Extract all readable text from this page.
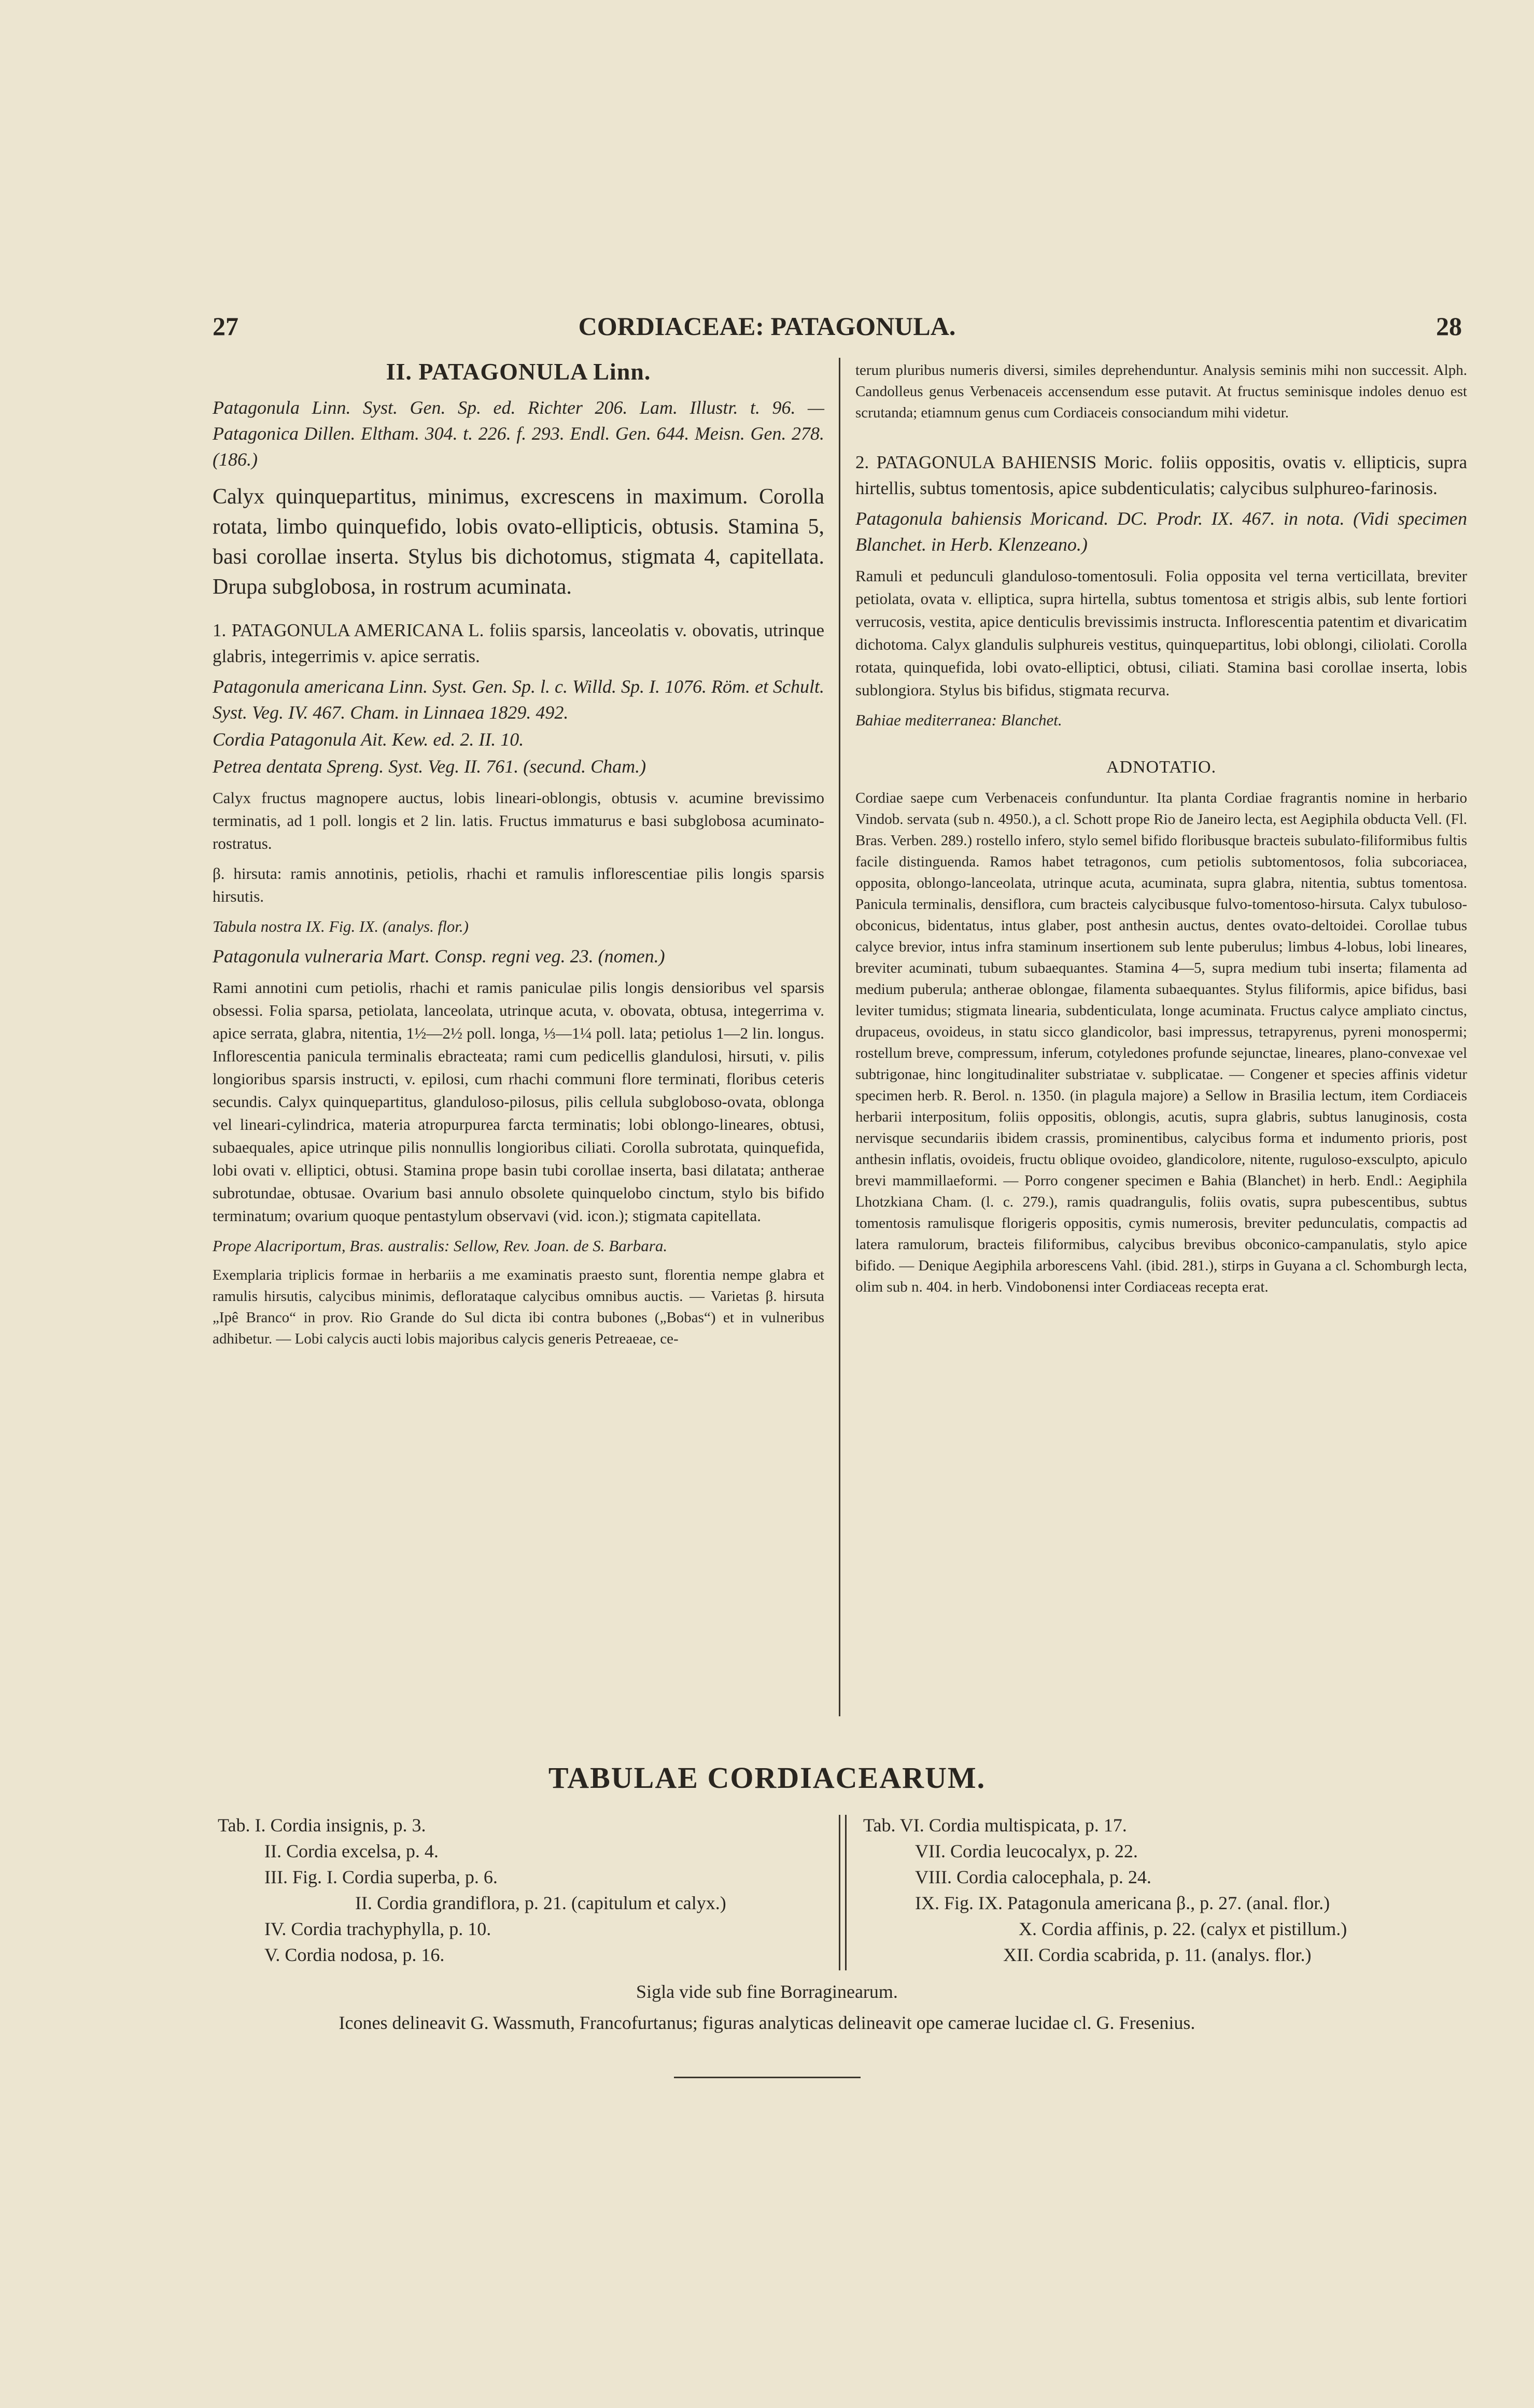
27	CORDIACEAE: PATAGONULA.	28
II. PATAGONULA Linn.

Patagonula Linn. Syst. Gen. Sp. ed. Richter 206. Lam. Illustr. t. 96. — Patagonica Dillen. Eltham. 304. t. 226. f. 293. Endl. Gen. 644. Meisn. Gen. 278. (186.)

Calyx quinquepartitus, minimus, excrescens in maximum. Corolla rotata, limbo quinquefido, lobis ovato-ellipticis, obtusis. Stamina 5, basi corollae inserta. Stylus bis dichotomus, stigmata 4, capitellata. Drupa subglobosa, in rostrum acuminata.

1. PATAGONULA AMERICANA L. foliis sparsis, lanceolatis v. obovatis, utrinque glabris, integerrimis v. apice serratis.

Patagonula americana Linn. Syst. Gen. Sp. l. c. Willd. Sp. I. 1076. Röm. et Schult. Syst. Veg. IV. 467. Cham. in Linnaea 1829. 492.

Cordia Patagonula Ait. Kew. ed. 2. II. 10.

Petrea dentata Spreng. Syst. Veg. II. 761. (secund. Cham.)

Calyx fructus magnopere auctus, lobis lineari-oblongis, obtusis v. acumine brevissimo terminatis, ad 1 poll. longis et 2 lin. latis. Fructus immaturus e basi subglobosa acuminato-rostratus.

β. hirsuta: ramis annotinis, petiolis, rhachi et ramulis inflorescentiae pilis longis sparsis hirsutis.

Tabula nostra IX. Fig. IX. (analys. flor.)

Patagonula vulneraria Mart. Consp. regni veg. 23. (nomen.)

Rami annotini cum petiolis, rhachi et ramis paniculae pilis longis densioribus vel sparsis obsessi. Folia sparsa, petiolata, lanceolata, utrinque acuta, v. obovata, obtusa, integerrima v. apice serrata, glabra, nitentia, 1½—2½ poll. longa, ⅓—1¼ poll. lata; petiolus 1—2 lin. longus. Inflorescentia panicula terminalis ebracteata; rami cum pedicellis glandulosi, hirsuti, v. pilis longioribus sparsis instructi, v. epilosi, cum rhachi communi flore terminati, floribus ceteris secundis. Calyx quinquepartitus, glanduloso-pilosus, pilis cellula subgloboso-ovata, oblonga vel lineari-cylindrica, materia atropurpurea farcta terminatis; lobi oblongo-lineares, obtusi, subaequales, apice utrinque pilis nonnullis longioribus ciliati. Corolla subrotata, quinquefida, lobi ovati v. elliptici, obtusi. Stamina prope basin tubi corollae inserta, basi dilatata; antherae subrotundae, obtusae. Ovarium basi annulo obsolete quinquelobo cinctum, stylo bis bifido terminatum; ovarium quoque pentastylum observavi (vid. icon.); stigmata capitellata.

Prope Alacriportum, Bras. australis: Sellow, Rev. Joan. de S. Barbara.

Exemplaria triplicis formae in herbariis a me examinatis praesto sunt, florentia nempe glabra et ramulis hirsutis, calycibus minimis, deflorataque calycibus omnibus auctis. — Varietas β. hirsuta „Ipê Branco“ in prov. Rio Grande do Sul dicta ibi contra bubones („Bobas“) et in vulneribus adhibetur. — Lobi calycis aucti lobis majoribus calycis generis Petreaeae, ce-

terum pluribus numeris diversi, similes deprehenduntur. Analysis seminis mihi non successit. Alph. Candolleus genus Verbenaceis accensendum esse putavit. At fructus seminisque indoles denuo est scrutanda; etiamnum genus cum Cordiaceis consociandum mihi videtur.

2. PATAGONULA BAHIENSIS Moric. foliis oppositis, ovatis v. ellipticis, supra hirtellis, subtus tomentosis, apice subdenticulatis; calycibus sulphureo-farinosis.

Patagonula bahiensis Moricand. DC. Prodr. IX. 467. in nota. (Vidi specimen Blanchet. in Herb. Klenzeano.)

Ramuli et pedunculi glanduloso-tomentosuli. Folia opposita vel terna verticillata, breviter petiolata, ovata v. elliptica, supra hirtella, subtus tomentosa et strigis albis, sub lente fortiori verrucosis, vestita, apice denticulis brevissimis instructa. Inflorescentia patentim et divaricatim dichotoma. Calyx glandulis sulphureis vestitus, quinquepartitus, lobi oblongi, ciliolati. Corolla rotata, quinquefida, lobi ovato-elliptici, obtusi, ciliati. Stamina basi corollae inserta, lobis sublongiora. Stylus bis bifidus, stigmata recurva.

Bahiae mediterranea: Blanchet.

ADNOTATIO.

Cordiae saepe cum Verbenaceis confunduntur. Ita planta Cordiae fragrantis nomine in herbario Vindob. servata (sub n. 4950.), a cl. Schott prope Rio de Janeiro lecta, est Aegiphila obducta Vell. (Fl. Bras. Verben. 289.) rostello infero, stylo semel bifido floribusque bracteis subulato-filiformibus fultis facile distinguenda. Ramos habet tetragonos, cum petiolis subtomentosos, folia subcoriacea, opposita, oblongo-lanceolata, utrinque acuta, acuminata, supra glabra, nitentia, subtus tomentosa. Panicula terminalis, densiflora, cum bracteis calycibusque fulvo-tomentoso-hirsuta. Calyx tubuloso-obconicus, bidentatus, intus glaber, post anthesin auctus, dentes ovato-deltoidei. Corollae tubus calyce brevior, intus infra staminum insertionem sub lente puberulus; limbus 4-lobus, lobi lineares, breviter acuminati, tubum subaequantes. Stamina 4—5, supra medium tubi inserta; filamenta ad medium puberula; antherae oblongae, filamenta subaequantes. Stylus filiformis, apice bifidus, basi leviter tumidus; stigmata linearia, subdenticulata, longe acuminata. Fructus calyce ampliato cinctus, drupaceus, ovoideus, in statu sicco glandicolor, basi impressus, tetrapyrenus, pyreni monospermi; rostellum breve, compressum, inferum, cotyledones profunde sejunctae, lineares, plano-convexae vel subtrigonae, hinc longitudinaliter substriatae v. subplicatae. — Congener et species affinis videtur specimen herb. R. Berol. n. 1350. (in plagula majore) a Sellow in Brasilia lectum, item Cordiaceis herbarii interpositum, foliis oppositis, oblongis, acutis, supra glabris, subtus lanuginosis, costa nervisque secundariis ibidem crassis, prominentibus, calycibus forma et indumento prioris, post anthesin inflatis, ovoideis, fructu oblique ovoideo, glandicolore, nitente, ruguloso-exsculpto, apiculo brevi mammillaeformi. — Porro congener specimen e Bahia (Blanchet) in herb. Endl.: Aegiphila Lhotzkiana Cham. (l. c. 279.), ramis quadrangulis, foliis ovatis, supra pubescentibus, subtus tomentosis ramulisque florigeris oppositis, cymis numerosis, breviter pedunculatis, compactis ad latera ramulorum, bracteis filiformibus, calycibus brevibus obconico-campanulatis, stylo apice bifido. — Denique Aegiphila arborescens Vahl. (ibid. 281.), stirps in Guyana a cl. Schomburgh lecta, olim sub n. 404. in herb. Vindobonensi inter Cordiaceas recepta erat.

TABULAE CORDIACEARUM.
Tab. I. Cordia insignis, p. 3.
II. Cordia excelsa, p. 4.
III. Fig. I. Cordia superba, p. 6.
II. Cordia grandiflora, p. 21. (capitulum et calyx.)
IV. Cordia trachyphylla, p. 10.
V. Cordia nodosa, p. 16.
Tab. VI. Cordia multispicata, p. 17.
VII. Cordia leucocalyx, p. 22.
VIII. Cordia calocephala, p. 24.
IX. Fig. IX. Patagonula americana β., p. 27. (anal. flor.)
X. Cordia affinis, p. 22. (calyx et pistillum.)
XII. Cordia scabrida, p. 11. (analys. flor.)
Sigla vide sub fine Borraginearum.
Icones delineavit G. Wassmuth, Francofurtanus; figuras analyticas delineavit ope camerae lucidae cl. G. Fresenius.
